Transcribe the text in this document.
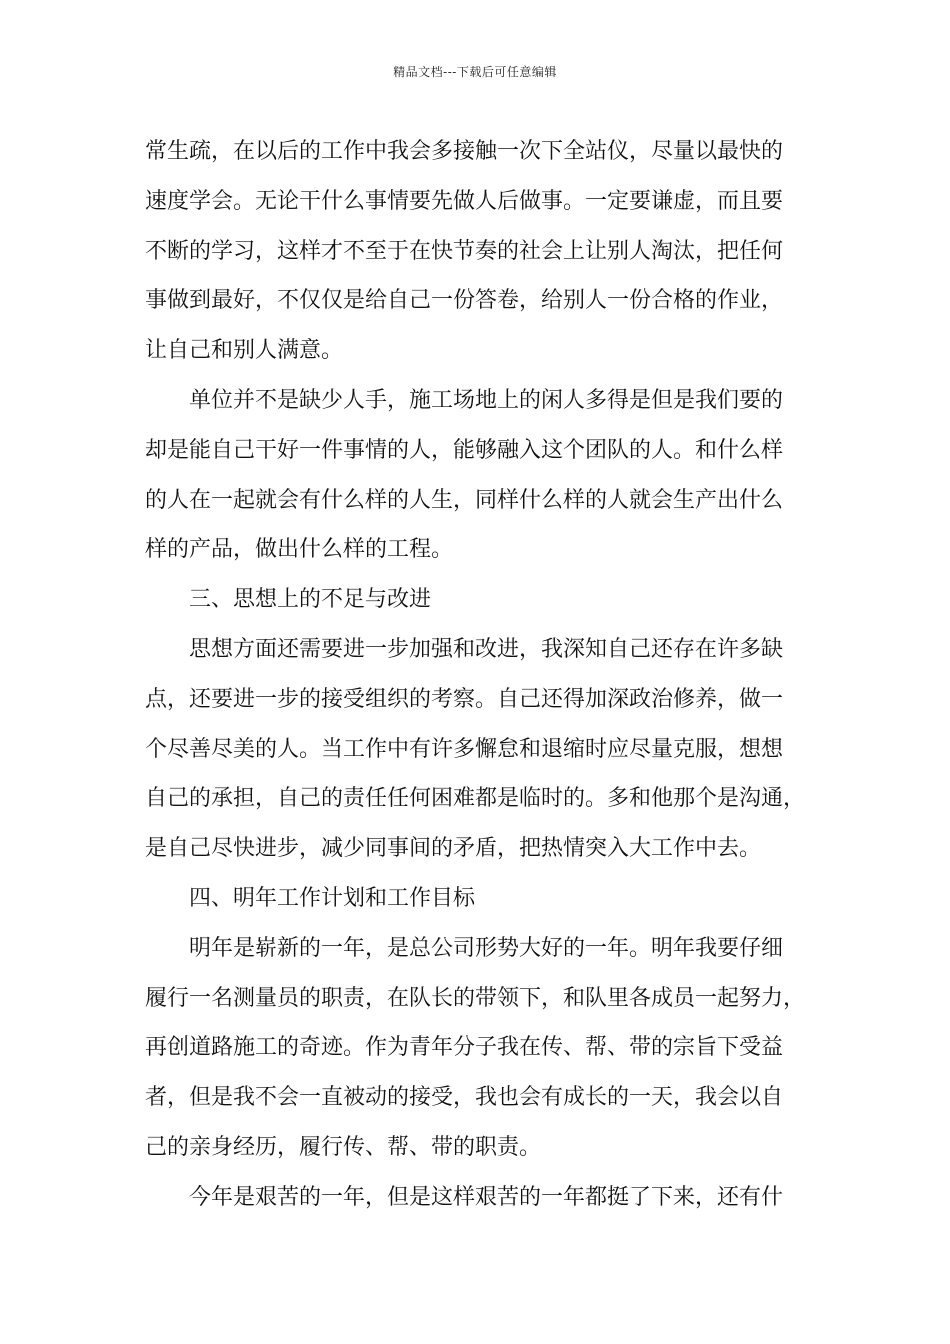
精品文档---下载后可任意编辑
常生疏，在以后的工作中我会多接触一次下全站仪，尽量以最快的
速度学会。无论干什么事情要先做人后做事。一定要谦虚，而且要
不断的学习，这样才不至于在快节奏的社会上让别人淘汰，把任何
事做到最好，不仅仅是给自己一份答卷，给别人一份合格的作业，
让自己和别人满意。
单位并不是缺少人手，施工场地上的闲人多得是但是我们要的
却是能自己干好一件事情的人，能够融入这个团队的人。和什么样
的人在一起就会有什么样的人生，同样什么样的人就会生产出什么
样的产品，做出什么样的工程。
三、思想上的不足与改进
思想方面还需要进一步加强和改进，我深知自己还存在许多缺
点，还要进一步的接受组织的考察。自己还得加深政治修养，做一
个尽善尽美的人。当工作中有许多懈怠和退缩时应尽量克服，想想
自己的承担，自己的责任任何困难都是临时的。多和他那个是沟通，
是自己尽快进步，减少同事间的矛盾，把热情突入大工作中去。
四、明年工作计划和工作目标
明年是崭新的一年，是总公司形势大好的一年。明年我要仔细
履行一名测量员的职责，在队长的带领下，和队里各成员一起努力，
再创道路施工的奇迹。作为青年分子我在传、帮、带的宗旨下受益
者，但是我不会一直被动的接受，我也会有成长的一天，我会以自
己的亲身经历，履行传、帮、带的职责。
今年是艰苦的一年，但是这样艰苦的一年都挺了下来，还有什
